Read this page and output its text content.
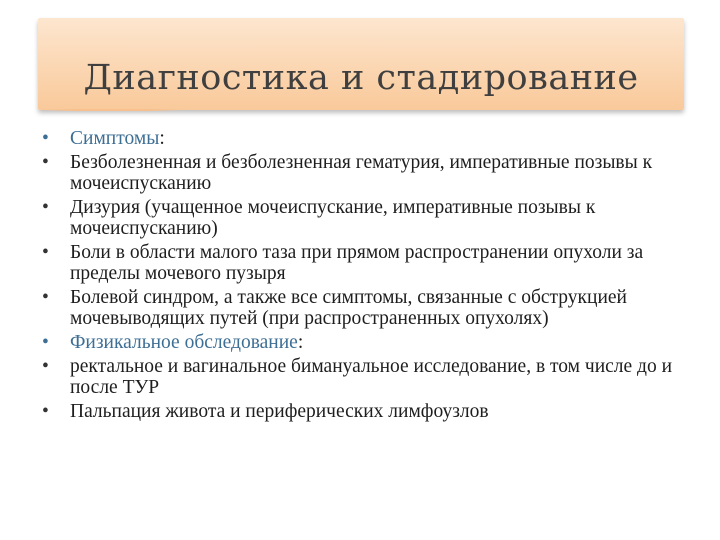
Диагностика и стадирование
• Симптомы:
• Безболезненная и безболезненная гематурия, императивные позывы к мочеиспусканию
• Дизурия (учащенное мочеиспускание, императивные позывы к мочеиспусканию)
• Боли в области малого таза при прямом распространении опухоли за пределы мочевого пузыря
• Болевой синдром, а также все симптомы, связанные с обструкцией мочевыводящих путей (при распространенных опухолях)
• Физикальное обследование:
• ректальное и вагинальное бимануальное исследование, в том числе до и после ТУР
• Пальпация живота и периферических лимфоузлов
